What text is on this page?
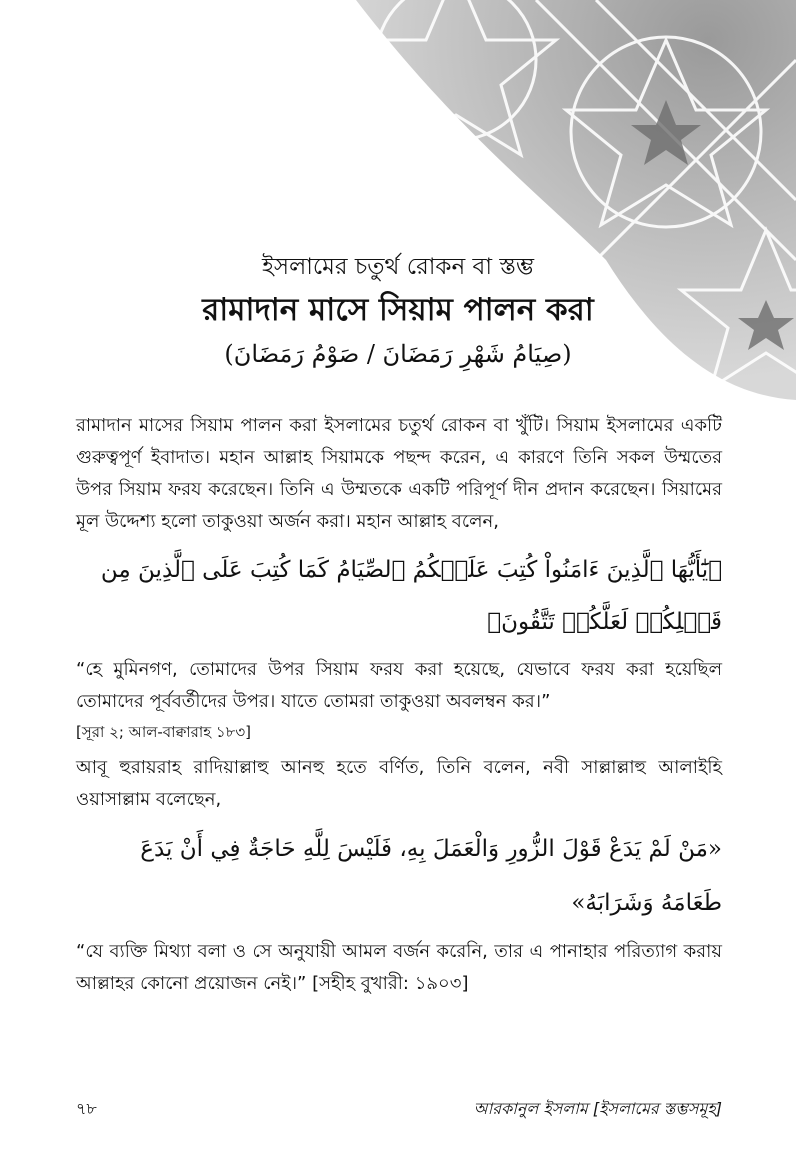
ইসলামের চতুর্থ রোকন বা স্তম্ভ

রামাদান মাসে সিয়াম পালন করা

(صِيَامُ شَهْرِ رَمَضَانَ / صَوْمُ رَمَضَانَ)

রামাদান মাসের সিয়াম পালন করা ইসলামের চতুর্থ রোকন বা খুঁটি। সিয়াম ইসলামের একটি গুরুত্বপূর্ণ ইবাদাত। মহান আল্লাহ সিয়ামকে পছন্দ করেন, এ কারণে তিনি সকল উম্মতের উপর সিয়াম ফরয করেছেন। তিনি এ উম্মতকে একটি পরিপূর্ণ দীন প্রদান করেছেন। সিয়ামের মূল উদ্দেশ্য হলো তাকুওয়া অর্জন করা। মহান আল্লাহ বলেন,

﴿يَٰٓأَيُّهَا ٱلَّذِينَ ءَامَنُواْ كُتِبَ عَلَيۡكُمُ ٱلصِّيَامُ كَمَا كُتِبَ عَلَى ٱلَّذِينَ مِن قَبۡلِكُمۡ لَعَلَّكُمۡ تَتَّقُونَ﴾

“হে মুমিনগণ, তোমাদের উপর সিয়াম ফরয করা হয়েছে, যেভাবে ফরয করা হয়েছিল তোমাদের পূর্ববর্তীদের উপর। যাতে তোমরা তাকুওয়া অবলম্বন কর।”

[সূরা ২; আল-বাক্বারাহ ১৮৩]

আবূ হুরায়রাহ রাদিয়াল্লাহু আনহু হতে বর্ণিত, তিনি বলেন, নবী সাল্লাল্লাহু আলাইহি ওয়াসাল্লাম বলেছেন,

«مَنْ لَمْ يَدَعْ قَوْلَ الزُّورِ وَالْعَمَلَ بِهِ، فَلَيْسَ لِلَّهِ حَاجَةٌ فِي أَنْ يَدَعَ طَعَامَهُ وَشَرَابَهُ»

“যে ব্যক্তি মিথ্যা বলা ও সে অনুযায়ী আমল বর্জন করেনি, তার এ পানাহার পরিত্যাগ করায় আল্লাহর কোনো প্রয়োজন নেই।” [সহীহ বুখারী: ১৯০৩]

৭৮	আরকানুল ইসলাম [ইসলামের স্তম্ভসমূহ]
